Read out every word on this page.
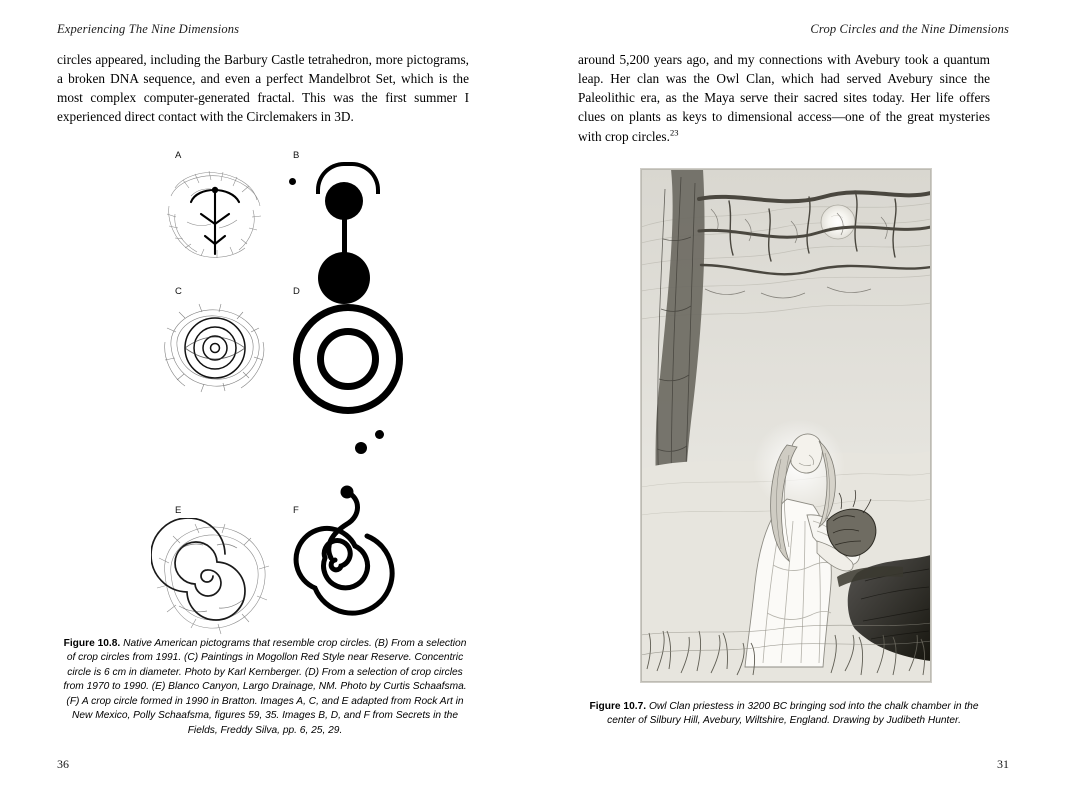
Experiencing The Nine Dimensions	Crop Circles and the Nine Dimensions

circles appeared, including the Barbury Castle tetrahedron, more pictograms, a broken DNA sequence, and even a perfect Mandelbrot Set, which is the most complex computer-generated fractal. This was the first summer I experienced direct contact with the Circlemakers in 3D.

around 5,200 years ago, and my connections with Avebury took a quantum leap. Her clan was the Owl Clan, which had served Avebury since the Paleolithic era, as the Maya serve their sacred sites today. Her life offers clues on plants as keys to dimensional access—one of the great mysteries with crop circles.$^{23}$

A	B
C	D
E	F
Figure 10.8. Native American pictograms that resemble crop circles. (B) From a selection of crop circles from 1991. (C) Paintings in Mogollon Red Style near Reserve. Concentric circle is 6 cm in diameter. Photo by Karl Kernberger. (D) From a selection of crop circles from 1970 to 1990. (E) Blanco Canyon, Largo Drainage, NM. Photo by Curtis Schaafsma. (F) A crop circle formed in 1990 in Bratton. Images A, C, and E adapted from Rock Art in New Mexico, Polly Schaafsma, figures 59, 35. Images B, D, and F from Secrets in the Fields, Freddy Silva, pp. 6, 25, 29.
Figure 10.7. Owl Clan priestess in 3200 BC bringing sod into the chalk chamber in the center of Silbury Hill, Avebury, Wiltshire, England. Drawing by Judibeth Hunter.
36	31
